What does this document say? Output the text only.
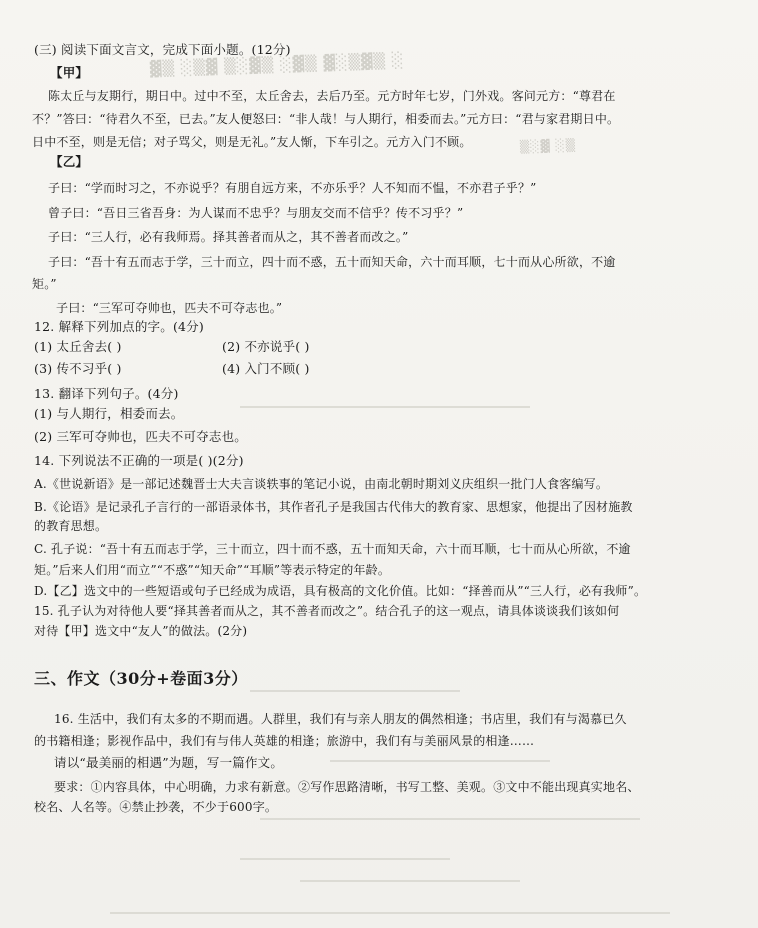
▓▒ ░▒▓ ▒░▓▒ ░▓▒ ▓░▒▓▒ ░
▒░▓ ░▒
(三) 阅读下面文言文，完成下面小题。(12分)
【甲】
陈太丘与友期行，期日中。过中不至，太丘舍去，去后乃至。元方时年七岁，门外戏。客问元方：“尊君在
不？”答曰：“待君久不至，已去。”友人便怒曰：“非人哉！与人期行，相委而去。”元方曰：“君与家君期日中。
日中不至，则是无信；对子骂父，则是无礼。”友人惭，下车引之。元方入门不顾。
【乙】
子曰：“学而时习之，不亦说乎？有朋自远方来，不亦乐乎？人不知而不愠，不亦君子乎？”
曾子曰：“吾日三省吾身：为人谋而不忠乎？与朋友交而不信乎？传不习乎？”
子曰：“三人行，必有我师焉。择其善者而从之，其不善者而改之。”
子曰：“吾十有五而志于学，三十而立，四十而不惑，五十而知天命，六十而耳顺，七十而从心所欲，不逾
矩。”
子曰：“三军可夺帅也，匹夫不可夺志也。”
12. 解释下列加点的字。(4分)
(1) 太丘舍去( )	(2) 不亦说乎( )
(3) 传不习乎( )	(4) 入门不顾( )
13. 翻译下列句子。(4分)
(1) 与人期行，相委而去。
(2) 三军可夺帅也，匹夫不可夺志也。
14. 下列说法不正确的一项是( )(2分)
A.《世说新语》是一部记述魏晋士大夫言谈轶事的笔记小说，由南北朝时期刘义庆组织一批门人食客编写。
B.《论语》是记录孔子言行的一部语录体书，其作者孔子是我国古代伟大的教育家、思想家，他提出了因材施教
的教育思想。
C. 孔子说：“吾十有五而志于学，三十而立，四十而不惑，五十而知天命，六十而耳顺，七十而从心所欲，不逾
矩。”后来人们用“而立”“不惑”“知天命”“耳顺”等表示特定的年龄。
D.【乙】选文中的一些短语或句子已经成为成语，具有极高的文化价值。比如：“择善而从”“三人行，必有我师”。
15. 孔子认为对待他人要“择其善者而从之，其不善者而改之”。结合孔子的这一观点，请具体谈谈我们该如何
对待【甲】选文中“友人”的做法。(2分)
三、作文（30分+卷面3分）
16. 生活中，我们有太多的不期而遇。人群里，我们有与亲人朋友的偶然相逢；书店里，我们有与渴慕已久
的书籍相逢；影视作品中，我们有与伟人英雄的相逢；旅游中，我们有与美丽风景的相逢……
请以“最美丽的相遇”为题，写一篇作文。
要求：①内容具体，中心明确，力求有新意。②写作思路清晰，书写工整、美观。③文中不能出现真实地名、
校名、人名等。④禁止抄袭，不少于600字。
